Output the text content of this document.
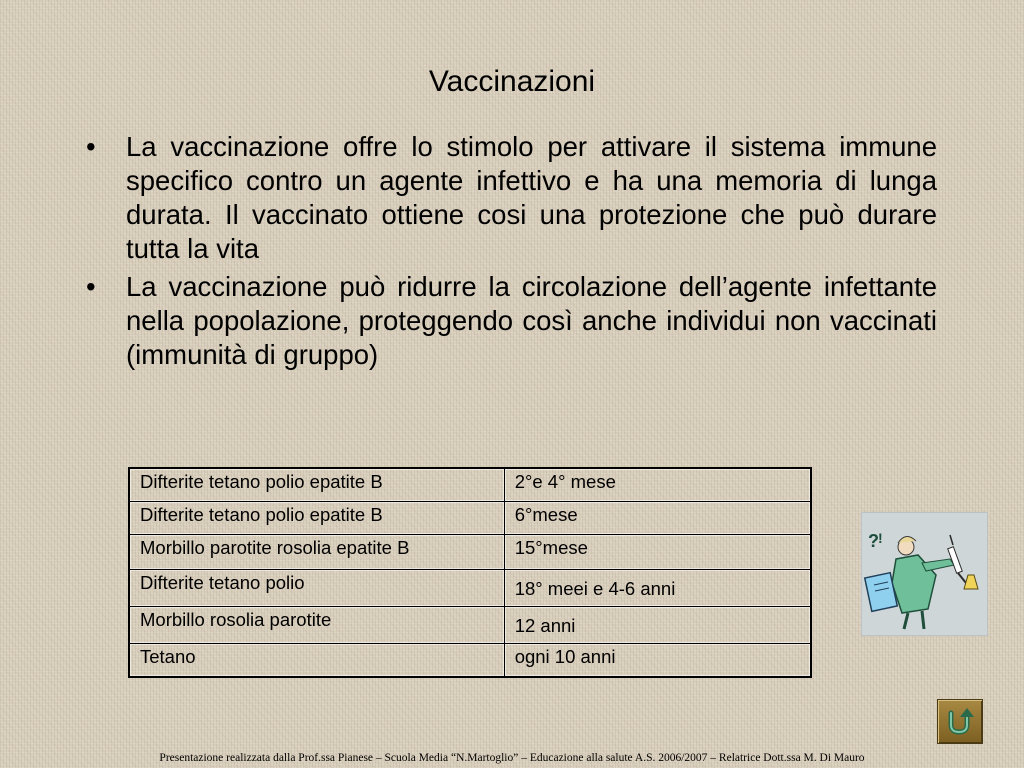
Vaccinazioni
•	La vaccinazione offre lo stimolo per attivare il sistema immune specifico contro un agente infettivo e ha una memoria di lunga durata. Il vaccinato ottiene cosi una protezione che può durare tutta la vita
•	La vaccinazione può ridurre la circolazione dell’agente infettante nella popolazione, proteggendo così anche individui non vaccinati (immunità di gruppo)
Difterite tetano polio epatite B	2°e 4° mese
Difterite tetano polio epatite B	6°mese
Morbillo parotite rosolia epatite B	15°mese
Difterite tetano polio	18° meei e 4-6 anni
Morbillo rosolia parotite	12 anni
Tetano	ogni 10 anni
? !
Presentazione realizzata dalla Prof.ssa Pianese – Scuola Media “N.Martoglio” – Educazione alla salute A.S. 2006/2007 – Relatrice Dott.ssa M. Di Mauro
